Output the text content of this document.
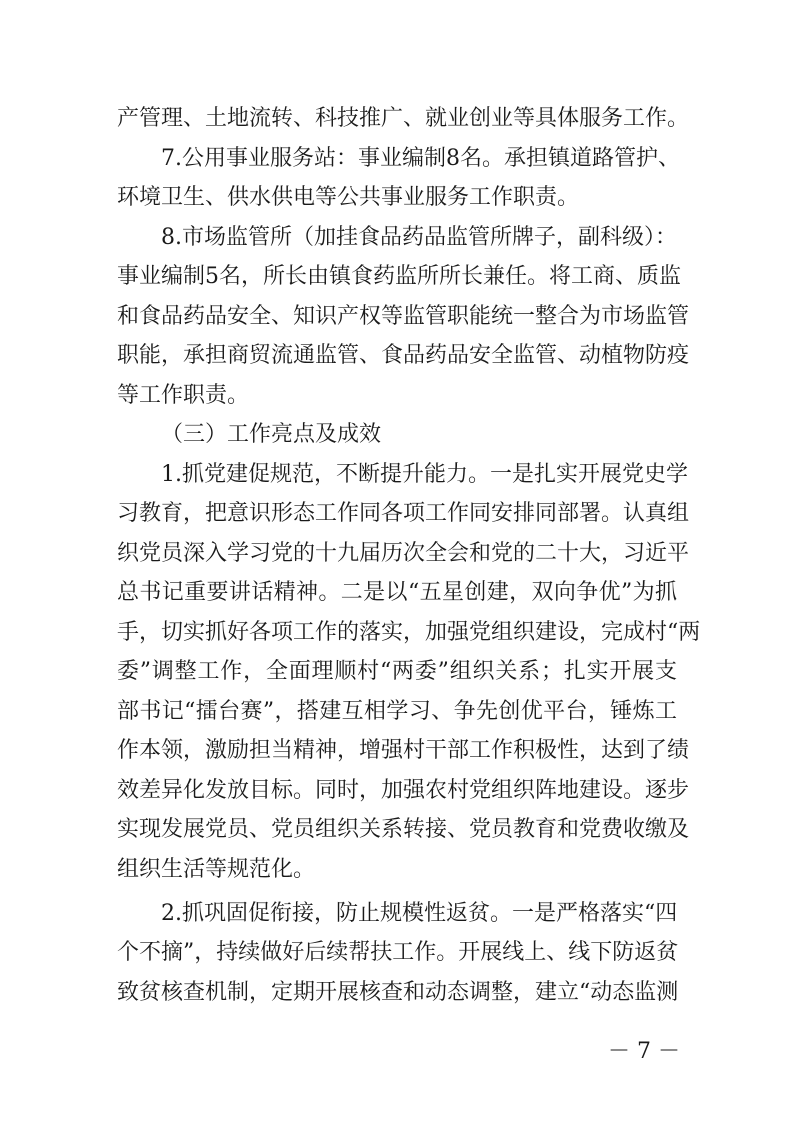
产管理、土地流转、科技推广、就业创业等具体服务工作。
7.公用事业服务站：事业编制8名。承担镇道路管护、
环境卫生、供水供电等公共事业服务工作职责。
8.市场监管所（加挂食品药品监管所牌子，副科级）：
事业编制5名，所长由镇食药监所所长兼任。将工商、质监
和食品药品安全、知识产权等监管职能统一整合为市场监管
职能，承担商贸流通监管、食品药品安全监管、动植物防疫
等工作职责。
（三）工作亮点及成效
1.抓党建促规范，不断提升能力。一是扎实开展党史学
习教育，把意识形态工作同各项工作同安排同部署。认真组
织党员深入学习党的十九届历次全会和党的二十大，习近平
总书记重要讲话精神。二是以“五星创建，双向争优”为抓
手，切实抓好各项工作的落实，加强党组织建设，完成村“两
委”调整工作，全面理顺村“两委”组织关系；扎实开展支
部书记“擂台赛”，搭建互相学习、争先创优平台，锤炼工
作本领，激励担当精神，增强村干部工作积极性，达到了绩
效差异化发放目标。同时，加强农村党组织阵地建设。逐步
实现发展党员、党员组织关系转接、党员教育和党费收缴及
组织生活等规范化。
2.抓巩固促衔接，防止规模性返贫。一是严格落实“四
个不摘”，持续做好后续帮扶工作。开展线上、线下防返贫
致贫核查机制，定期开展核查和动态调整，建立“动态监测
－ 7 －
